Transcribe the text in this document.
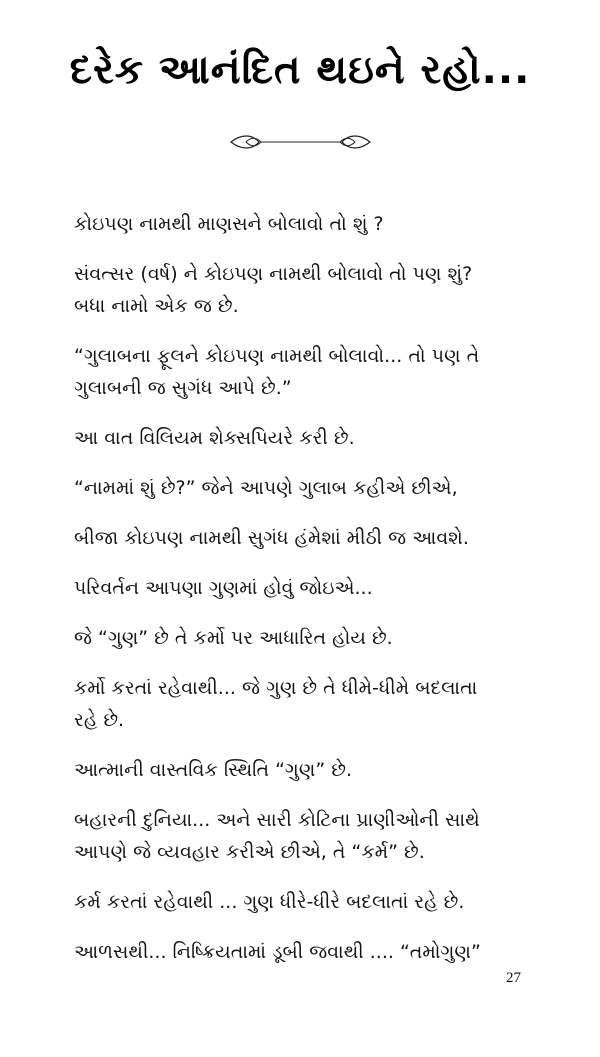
દરેક આનંદિત થઇને રહો...

કોઇપણ નામથી માણસને બોલાવો તો શું ?

સંવત્સર (વર્ષ) ને કોઇપણ નામથી બોલાવો તો પણ શું?
બધા નામો એક જ છે.

“ગુલાબના ફૂલને કોઇપણ નામથી બોલાવો... તો પણ તે
ગુલાબની જ સુગંધ આપે છે.”

આ વાત વિલિયમ શેક્સપિયરે કરી છે.

“નામમાં શું છે?” જેને આપણે ગુલાબ કહીએ છીએ,

બીજા કોઇપણ નામથી સુગંધ હંમેશાં મીઠી જ આવશે.

પરિવર્તન આપણા ગુણમાં હોવું જોઇએ...

જે “ગુણ” છે તે કર્મો પર આધારિત હોય છે.

કર્મો કરતાં રહેવાથી... જે ગુણ છે તે ધીમે-ધીમે બદલાતા
રહે છે.

આત્માની વાસ્તવિક સ્થિતિ “ગુણ” છે.

બહારની દુનિયા... અને સારી કોટિના પ્રાણીઓની સાથે
આપણે જે વ્યવહાર કરીએ છીએ, તે “કર્મ” છે.

કર્મ કરતાં રહેવાથી ... ગુણ ધીરે-ધીરે બદલાતાં રહે છે.

આળસથી... નિષ્ક્રિયતામાં ડૂબી જવાથી .... “તમોગુણ”

27
